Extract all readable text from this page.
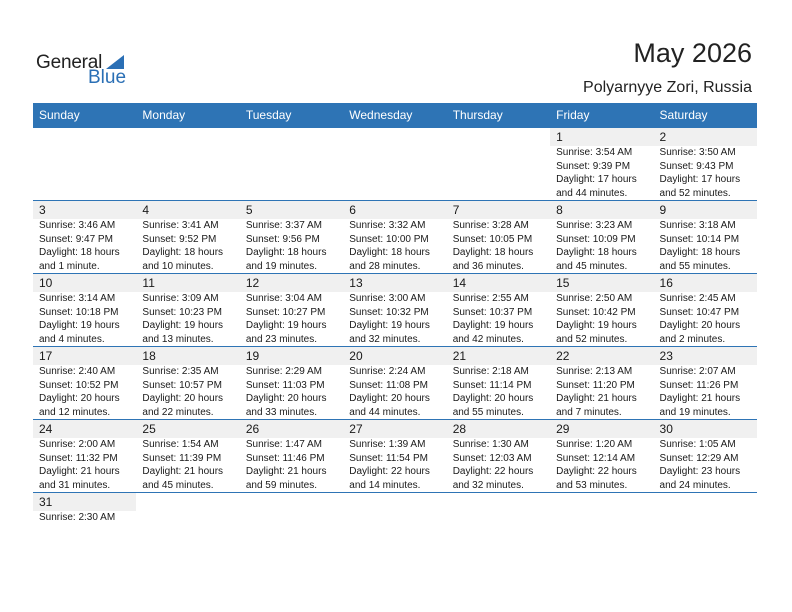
General
Blue
May 2026
Polyarnyye Zori, Russia
Sunday	Monday	Tuesday	Wednesday	Thursday	Friday	Saturday

					1
Sunrise: 3:54 AM
Sunset: 9:39 PM
Daylight: 17 hours
and 44 minutes.	2
Sunrise: 3:50 AM
Sunset: 9:43 PM
Daylight: 17 hours
and 52 minutes.

3
Sunrise: 3:46 AM
Sunset: 9:47 PM
Daylight: 18 hours
and 1 minute.	4
Sunrise: 3:41 AM
Sunset: 9:52 PM
Daylight: 18 hours
and 10 minutes.	5
Sunrise: 3:37 AM
Sunset: 9:56 PM
Daylight: 18 hours
and 19 minutes.	6
Sunrise: 3:32 AM
Sunset: 10:00 PM
Daylight: 18 hours
and 28 minutes.	7
Sunrise: 3:28 AM
Sunset: 10:05 PM
Daylight: 18 hours
and 36 minutes.	8
Sunrise: 3:23 AM
Sunset: 10:09 PM
Daylight: 18 hours
and 45 minutes.	9
Sunrise: 3:18 AM
Sunset: 10:14 PM
Daylight: 18 hours
and 55 minutes.

10
Sunrise: 3:14 AM
Sunset: 10:18 PM
Daylight: 19 hours
and 4 minutes.	11
Sunrise: 3:09 AM
Sunset: 10:23 PM
Daylight: 19 hours
and 13 minutes.	12
Sunrise: 3:04 AM
Sunset: 10:27 PM
Daylight: 19 hours
and 23 minutes.	13
Sunrise: 3:00 AM
Sunset: 10:32 PM
Daylight: 19 hours
and 32 minutes.	14
Sunrise: 2:55 AM
Sunset: 10:37 PM
Daylight: 19 hours
and 42 minutes.	15
Sunrise: 2:50 AM
Sunset: 10:42 PM
Daylight: 19 hours
and 52 minutes.	16
Sunrise: 2:45 AM
Sunset: 10:47 PM
Daylight: 20 hours
and 2 minutes.

17
Sunrise: 2:40 AM
Sunset: 10:52 PM
Daylight: 20 hours
and 12 minutes.	18
Sunrise: 2:35 AM
Sunset: 10:57 PM
Daylight: 20 hours
and 22 minutes.	19
Sunrise: 2:29 AM
Sunset: 11:03 PM
Daylight: 20 hours
and 33 minutes.	20
Sunrise: 2:24 AM
Sunset: 11:08 PM
Daylight: 20 hours
and 44 minutes.	21
Sunrise: 2:18 AM
Sunset: 11:14 PM
Daylight: 20 hours
and 55 minutes.	22
Sunrise: 2:13 AM
Sunset: 11:20 PM
Daylight: 21 hours
and 7 minutes.	23
Sunrise: 2:07 AM
Sunset: 11:26 PM
Daylight: 21 hours
and 19 minutes.

24
Sunrise: 2:00 AM
Sunset: 11:32 PM
Daylight: 21 hours
and 31 minutes.	25
Sunrise: 1:54 AM
Sunset: 11:39 PM
Daylight: 21 hours
and 45 minutes.	26
Sunrise: 1:47 AM
Sunset: 11:46 PM
Daylight: 21 hours
and 59 minutes.	27
Sunrise: 1:39 AM
Sunset: 11:54 PM
Daylight: 22 hours
and 14 minutes.	28
Sunrise: 1:30 AM
Sunset: 12:03 AM
Daylight: 22 hours
and 32 minutes.	29
Sunrise: 1:20 AM
Sunset: 12:14 AM
Daylight: 22 hours
and 53 minutes.	30
Sunrise: 1:05 AM
Sunset: 12:29 AM
Daylight: 23 hours
and 24 minutes.

31
Sunrise: 2:30 AM						
